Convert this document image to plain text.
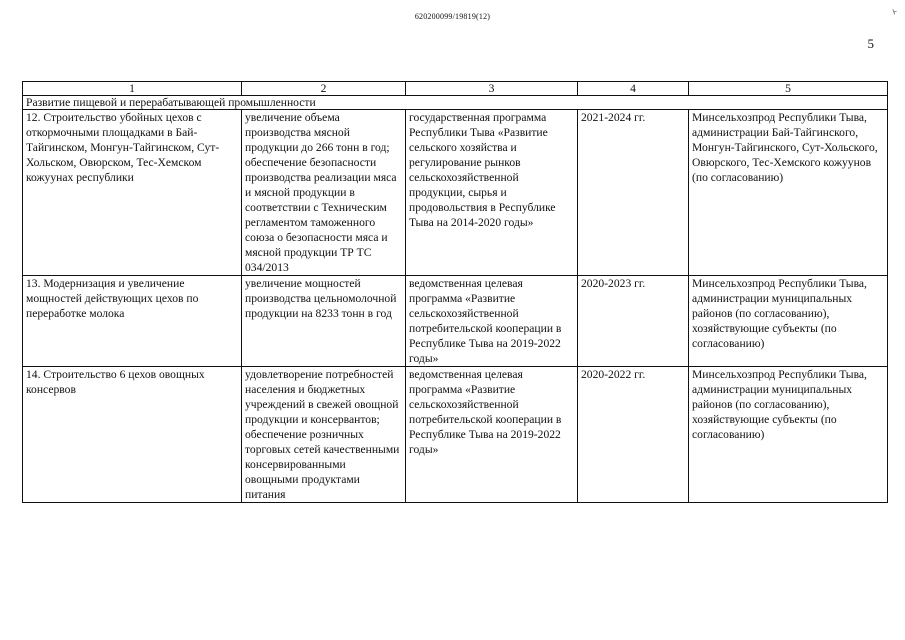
620200099/19819(12)	ᢣ
5
1	2	3	4	5
Развитие пищевой и перерабатывающей промышленности				
12. Строительство убойных цехов с откормочными площадками в Бай-Тайгинском, Монгун-Тайгинском, Сут-Хольском, Овюрском, Тес-Хемском кожуунах республики	увеличение объема производства мясной продукции до 266 тонн в год; обеспечение безопасности производства реализации мяса и мясной продукции в соответствии с Техническим регламентом таможенного союза о безопасности мяса и мясной продукции ТР ТС 034/2013	государственная программа Республики Тыва «Развитие сельского хозяйства и регулирование рынков сельскохозяйственной продукции, сырья и продовольствия в Республике Тыва на 2014-2020 годы»	2021-2024 гг.	Минсельхозпрод Республики Тыва, администрации Бай-Тайгинского, Монгун-Тайгинского, Сут-Хольского, Овюрского, Тес-Хемского кожуунов (по согласованию)
13. Модернизация и увеличение мощностей действующих цехов по переработке молока	увеличение мощностей производства цельномолочной продукции на 8233 тонн в год	ведомственная целевая программа «Развитие сельскохозяйственной потребительской кооперации в Республике Тыва на 2019-2022 годы»	2020-2023 гг.	Минсельхозпрод Республики Тыва, администрации муниципальных районов (по согласованию), хозяйствующие субъекты (по согласованию)
14. Строительство 6 цехов овощных консервов	удовлетворение потребностей населения и бюджетных учреждений в свежей овощной продукции и консервантов; обеспечение розничных торговых сетей качественными консервированными овощными продуктами питания	ведомственная целевая программа «Развитие сельскохозяйственной потребительской кооперации в Республике Тыва на 2019-2022 годы»	2020-2022 гг.	Минсельхозпрод Республики Тыва, администрации муниципальных районов (по согласованию), хозяйствующие субъекты (по согласованию)
